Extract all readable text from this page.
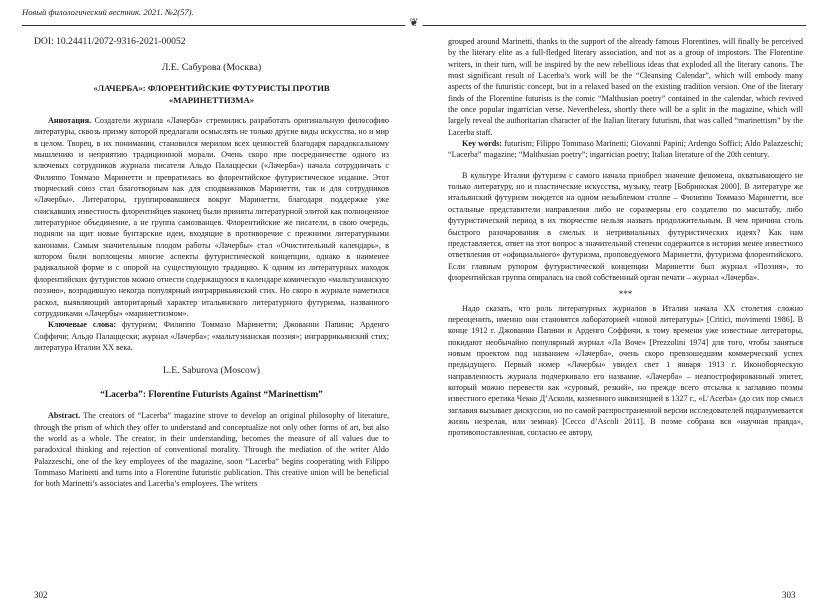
Новый филологический вестник. 2021. №2(57).
❦

DOI: 10.24411/2072-9316-2021-00052

Л.Е. Сабурова (Москва)
«ЛАЧЕРБА»: ФЛОРЕНТИЙСКИЕ ФУТУРИСТЫ ПРОТИВ «МАРИНЕТТИЗМА»

Аннотация. Создатели журнала «Лачерба» стремились разработать оригинальную философию литературы, сквозь призму которой предлагали осмыслять не только другие виды искусства, но и мир в целом. Творец, в их понимании, становился мерилом всех ценностей благодаря парадоксальному мышлению и неприятию традиционной морали. Очень скоро при посредничестве одного из ключевых сотрудников журнала писателя Альдо Палаццески («Лачерба») начала сотрудничать с Филиппо Томмазо Маринетти и превратилась во флорентийское футуристическое издание. Этот творческий союз стал благотворным как для сподвижников Маринетти, так и для сотрудников «Лачербы». Литераторы, группировавшиеся вокруг Маринетти, благодаря поддержке уже снискавших известность флорентийцев наконец были приняты литературной элитой как полноценное литературное объединение, а не группа самозванцев. Флорентийские же писатели, в свою очередь, подняли на щит новые бунтарские идеи, входящие в противоречие с прежними литературными канонами. Самым значительным плодом работы «Лачербы» стал «Очистительный календарь», в котором были воплощены многие аспекты футуристической концепции, однако в наименее радикальной форме и с опорой на существующую традицию. К одним из литературных находок флорентийских футуристов можно отнести содержащуюся в календаре комическую «мальтузианскую поэзию», возродившую некогда популярный инграррикьянский стих. Но скоро в журнале наметился раскол, выявляющий авторитарный характер итальянского литературного футуризма, названного сотрудниками «Лачербы» «маринеттизмом».

Ключевые слова: футуризм; Филиппо Томмазо Маринетти; Джованни Папини; Арденго Соффичи; Альдо Палаццески; журнал «Лачерба»; «мальтузианская поэзия»; инграррикьянский стих; литература Италии ХХ века.

L.E. Saburova (Moscow)
“Lacerba”: Florentine Futurists Against “Marinettism”

Abstract. The creators of “Lacerba” magazine strove to develop an original philosophy of literature, through the prism of which they offer to understand and conceptualize not only other forms of art, but also the world as a whole. The creator, in their understanding, becomes the measure of all values due to paradoxical thinking and rejection of conventional morality. Through the mediation of the writer Aldo Palazzeschi, one of the key employees of the magazine, soon “Lacerba” begins cooperating with Filippo Tommaso Marinetti and turns into a Florentine futuristic publication. This creative union will be beneficial for both Marinetti’s associates and Lacerba’s employees. The writers

grouped around Marinetti, thanks to the support of the already famous Florentines, will finally be perceived by the literary elite as a full-fledged literary association, and not as a group of impostors. The Florentine writers, in their turn, will be inspired by the new rebellious ideas that exploded all the literary canons. The most significant result of Lacerba’s work will be the “Cleansing Calendar”, which will embody many aspects of the futuristic concept, but in a relaxed based on the existing tradition version. One of the literary finds of the Florentine futurists is the comic “Malthusian poetry” contained in the calendar, which revived the once popular ingarrician verse. Nevertheless, shortly there will be a split in the magazine, which will largely reveal the authoritarian character of the Italian literary futurism, that was called “marinettism” by the Lacerba staff.

Key words: futurism; Filippo Tommaso Marinetti; Giovanni Papini; Ardengo Soffici; Aldo Palazzeschi; “Lacerba” magazine; “Malthusian poetry”; ingarrician poetry; Italian literature of the 20th century.

В культуре Италии футуризм с самого начала приобрел значение феномена, охватывающего не только литературу, но и пластические искусства, музыку, театр [Бобринская 2000]. В литературе же итальянский футуризм зиждется на одном незыблемом столпе – Филиппо Томмазо Маринетти, все остальные представители направления либо не соразмерны его создателю по масштабу, либо футуристический период в их творчестве нельзя назвать продолжительным. В чем причина столь быстрого разочарования в смелых и нетривиальных футуристических идеях? Как нам представляется, ответ на этот вопрос в значительной степени содержится в истории менее известного ответвления от «официального» футуризма, проповедуемого Маринетти, футуризма флорентийского. Если главным рупором футуристической концепции Маринетти был журнал «Поэзия», то флорентийская группа опиралась на свой собственный орган печати – журнал «Лачерба».

***

Надо сказать, что роль литературных журналов в Италии начала ХХ столетия сложно переоценить, именно они становятся лабораторией «новой литературы» [Critici, movimenti 1986]. В конце 1912 г. Джованни Папини и Арденго Соффичи, к тому времени уже известные литераторы, покидают необычайно популярный журнал «Ла Воче» [Prezzolini 1974] для того, чтобы заняться новым проектом под названием «Лачерба», очень скоро превзошедшим коммерческий успех предыдущего. Первый номер «Лачербы» увидел свет 1 января 1913 г. Иконоборческую направленность журнала подчеркивало его название. «Лачерба» – неапострофированный эпитет, который можно перевести как «суровый, резкий», но прежде всего отсылка к заглавию поэмы известного еретика Чекко Д’Асколи, казненного инквизицией в 1327 г., «L’Acerba» (до сих пор смысл заглавия вызывает дискуссии, но по самой распространенной версии исследователей подразумевается жизнь незрелая, или земная) [Cecco d’Ascoli 2011]. В поэме собрана вся «научная правда», противопоставленная, согласно ее автору,

302	303
